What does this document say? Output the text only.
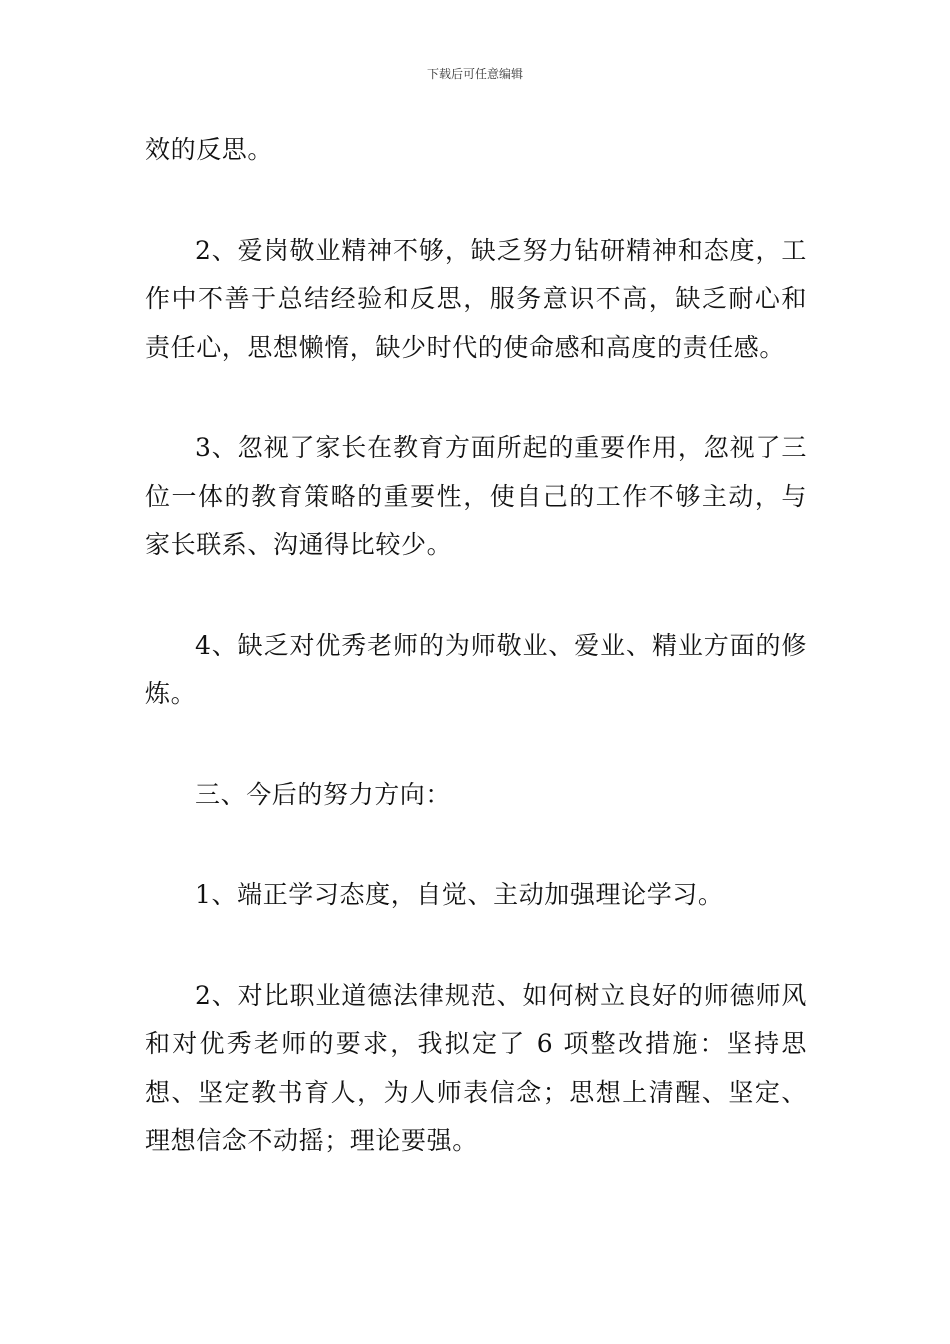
下载后可任意编辑

效的反思。

2、爱岗敬业精神不够，缺乏努力钻研精神和态度，工作中不善于总结经验和反思，服务意识不高，缺乏耐心和责任心，思想懒惰，缺少时代的使命感和高度的责任感。

3、忽视了家长在教育方面所起的重要作用，忽视了三位一体的教育策略的重要性，使自己的工作不够主动，与家长联系、沟通得比较少。

4、缺乏对优秀老师的为师敬业、爱业、精业方面的修炼。

三、今后的努力方向：

1、端正学习态度，自觉、主动加强理论学习。

2、对比职业道德法律规范、如何树立良好的师德师风和对优秀老师的要求，我拟定了 6 项整改措施：坚持思想、坚定教书育人，为人师表信念；思想上清醒、坚定、理想信念不动摇；理论要强。
